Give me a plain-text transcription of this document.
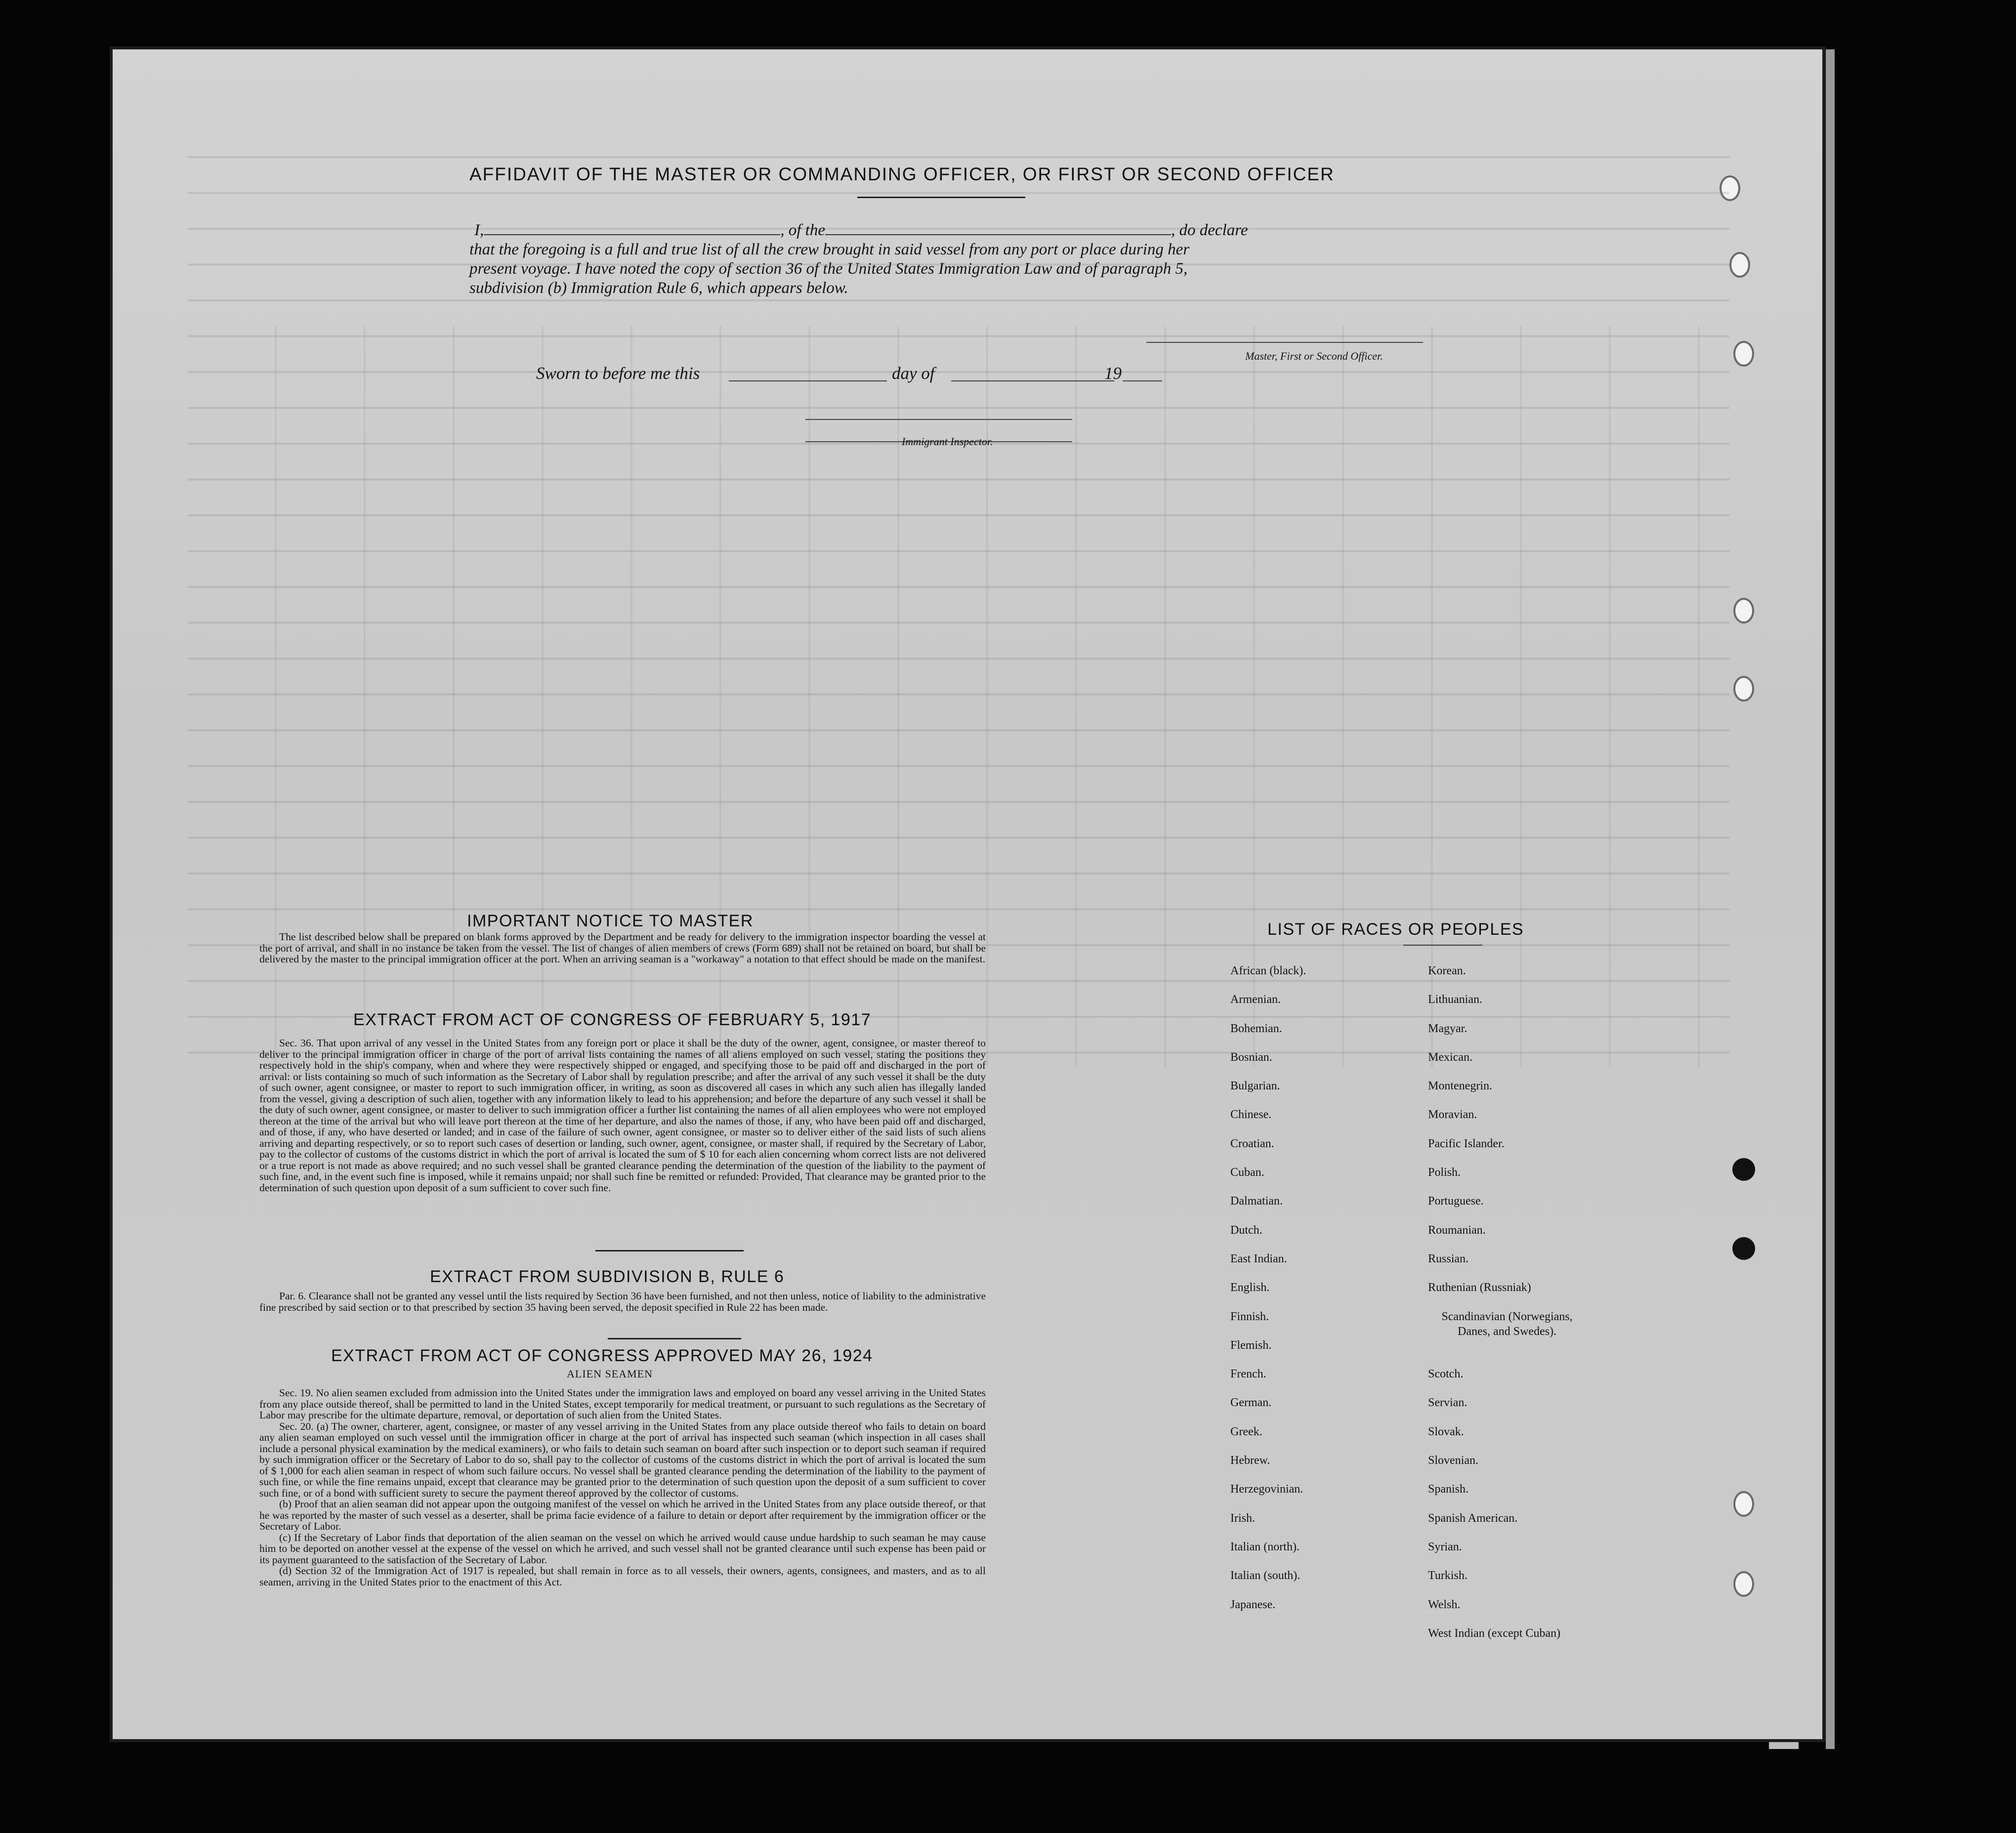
AFFIDAVIT OF THE MASTER OR COMMANDING OFFICER, OR FIRST OR SECOND OFFICER
I,	, of the	, do declare
that the foregoing is a full and true list of all the crew brought in said vessel from any port or place during her
present voyage. I have noted the copy of section 36 of the United States Immigration Law and of paragraph 5,
subdivision (b) Immigration Rule 6, which appears below.
Master, First or Second Officer.
Sworn to before me this	day of	19
Immigrant Inspector.
IMPORTANT NOTICE TO MASTER

The list described below shall be prepared on blank forms approved by the Department and be ready for delivery to the immigration inspector boarding the vessel at the port of arrival, and shall in no instance be taken from the vessel. The list of changes of alien members of crews (Form 689) shall not be retained on board, but shall be delivered by the master to the principal immigration officer at the port. When an arriving seaman is a "workaway" a notation to that effect should be made on the manifest.

EXTRACT FROM ACT OF CONGRESS OF FEBRUARY 5, 1917

Sec. 36. That upon arrival of any vessel in the United States from any foreign port or place it shall be the duty of the owner, agent, consignee, or master thereof to deliver to the principal immigration officer in charge of the port of arrival lists containing the names of all aliens employed on such vessel, stating the positions they respectively hold in the ship's company, when and where they were respectively shipped or engaged, and specifying those to be paid off and discharged in the port of arrival: or lists containing so much of such information as the Secretary of Labor shall by regulation prescribe; and after the arrival of any such vessel it shall be the duty of such owner, agent consignee, or master to report to such immigration officer, in writing, as soon as discovered all cases in which any such alien has illegally landed from the vessel, giving a description of such alien, together with any information likely to lead to his apprehension; and before the departure of any such vessel it shall be the duty of such owner, agent consignee, or master to deliver to such immigration officer a further list containing the names of all alien employees who were not employed thereon at the time of the arrival but who will leave port thereon at the time of her departure, and also the names of those, if any, who have been paid off and discharged, and of those, if any, who have deserted or landed; and in case of the failure of such owner, agent consignee, or master so to deliver either of the said lists of such aliens arriving and departing respectively, or so to report such cases of desertion or landing, such owner, agent, consignee, or master shall, if required by the Secretary of Labor, pay to the collector of customs of the customs district in which the port of arrival is located the sum of $ 10 for each alien concerning whom correct lists are not delivered or a true report is not made as above required; and no such vessel shall be granted clearance pending the determination of the question of the liability to the payment of such fine, and, in the event such fine is imposed, while it remains unpaid; nor shall such fine be remitted or refunded: Provided, That clearance may be granted prior to the determination of such question upon deposit of a sum sufficient to cover such fine.

EXTRACT FROM SUBDIVISION B, RULE 6

Par. 6. Clearance shall not be granted any vessel until the lists required by Section 36 have been furnished, and not then unless, notice of liability to the administrative fine prescribed by said section or to that prescribed by section 35 having been served, the deposit specified in Rule 22 has been made.

EXTRACT FROM ACT OF CONGRESS APPROVED MAY 26, 1924
ALIEN SEAMEN

Sec. 19. No alien seamen excluded from admission into the United States under the immigration laws and employed on board any vessel arriving in the United States from any place outside thereof, shall be permitted to land in the United States, except temporarily for medical treatment, or pursuant to such regulations as the Secretary of Labor may prescribe for the ultimate departure, removal, or deportation of such alien from the United States.

Sec. 20. (a) The owner, charterer, agent, consignee, or master of any vessel arriving in the United States from any place outside thereof who fails to detain on board any alien seaman employed on such vessel until the immigration officer in charge at the port of arrival has inspected such seaman (which inspection in all cases shall include a personal physical examination by the medical examiners), or who fails to detain such seaman on board after such inspection or to deport such seaman if required by such immigration officer or the Secretary of Labor to do so, shall pay to the collector of customs of the customs district in which the port of arrival is located the sum of $ 1,000 for each alien seaman in respect of whom such failure occurs. No vessel shall be granted clearance pending the determination of the liability to the payment of such fine, or while the fine remains unpaid, except that clearance may be granted prior to the determination of such question upon the deposit of a sum sufficient to cover such fine, or of a bond with sufficient surety to secure the payment thereof approved by the collector of customs.

(b) Proof that an alien seaman did not appear upon the outgoing manifest of the vessel on which he arrived in the United States from any place outside thereof, or that he was reported by the master of such vessel as a deserter, shall be prima facie evidence of a failure to detain or deport after requirement by the immigration officer or the Secretary of Labor.

(c) If the Secretary of Labor finds that deportation of the alien seaman on the vessel on which he arrived would cause undue hardship to such seaman he may cause him to be deported on another vessel at the expense of the vessel on which he arrived, and such vessel shall not be granted clearance until such expense has been paid or its payment guaranteed to the satisfaction of the Secretary of Labor.

(d) Section 32 of the Immigration Act of 1917 is repealed, but shall remain in force as to all vessels, their owners, agents, consignees, and masters, and as to all seamen, arriving in the United States prior to the enactment of this Act.

LIST OF RACES OR PEOPLES
African (black).
Armenian.
Bohemian.
Bosnian.
Bulgarian.
Chinese.
Croatian.
Cuban.
Dalmatian.
Dutch.
East Indian.
English.
Finnish.
Flemish.
French.
German.
Greek.
Hebrew.
Herzegovinian.
Irish.
Italian (north).
Italian (south).
Japanese.
Korean.
Lithuanian.
Magyar.
Mexican.
Montenegrin.
Moravian.
Pacific Islander.
Polish.
Portuguese.
Roumanian.
Russian.
Ruthenian (Russniak)
Scandinavian (Norwegians, Danes, and Swedes).
Scotch.
Servian.
Slovak.
Slovenian.
Spanish.
Spanish American.
Syrian.
Turkish.
Welsh.
West Indian (except Cuban)
